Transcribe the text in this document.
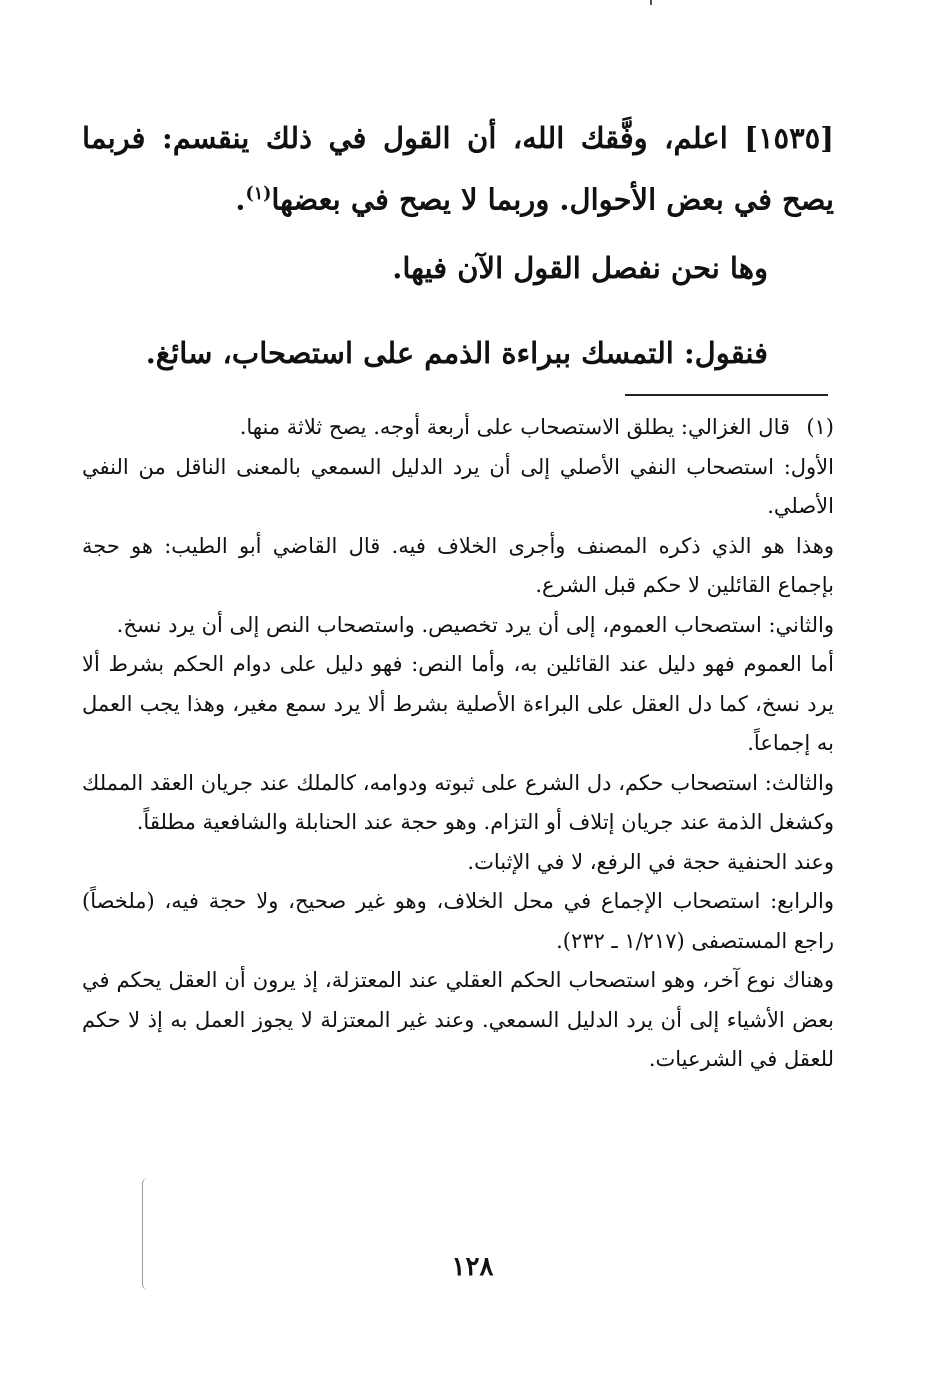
[١٥٣٥] اعلم، وفَّقك الله، أن القول في ذلك ينقسم: فربما يصح في بعض الأحوال. وربما لا يصح في بعضها$^{(١)}$.

وها نحن نفصل القول الآن فيها.

فنقول: التمسك ببراءة الذمم على استصحاب، سائغ.

(١)
قال الغزالي: يطلق الاستصحاب على أربعة أوجه. يصح ثلاثة منها.

الأول: استصحاب النفي الأصلي إلى أن يرد الدليل السمعي بالمعنى الناقل من النفي الأصلي.

وهذا هو الذي ذكره المصنف وأجرى الخلاف فيه. قال القاضي أبو الطيب: هو حجة بإجماع القائلين لا حكم قبل الشرع.

والثاني: استصحاب العموم، إلى أن يرد تخصيص. واستصحاب النص إلى أن يرد نسخ.

أما العموم فهو دليل عند القائلين به، وأما النص: فهو دليل على دوام الحكم بشرط ألا يرد نسخ، كما دل العقل على البراءة الأصلية بشرط ألا يرد سمع مغير، وهذا يجب العمل به إجماعاً.

والثالث: استصحاب حكم، دل الشرع على ثبوته ودوامه، كالملك عند جريان العقد المملك وكشغل الذمة عند جريان إتلاف أو التزام. وهو حجة عند الحنابلة والشافعية مطلقاً.

وعند الحنفية حجة في الرفع، لا في الإثبات.

والرابع: استصحاب الإجماع في محل الخلاف، وهو غير صحيح، ولا حجة فيه، (ملخصاً) راجع المستصفى (١/٢١٧ ـ ٢٣٢).

وهناك نوع آخر، وهو استصحاب الحكم العقلي عند المعتزلة، إذ يرون أن العقل يحكم في بعض الأشياء إلى أن يرد الدليل السمعي. وعند غير المعتزلة لا يجوز العمل به إذ لا حكم للعقل في الشرعيات.

١٢٨
